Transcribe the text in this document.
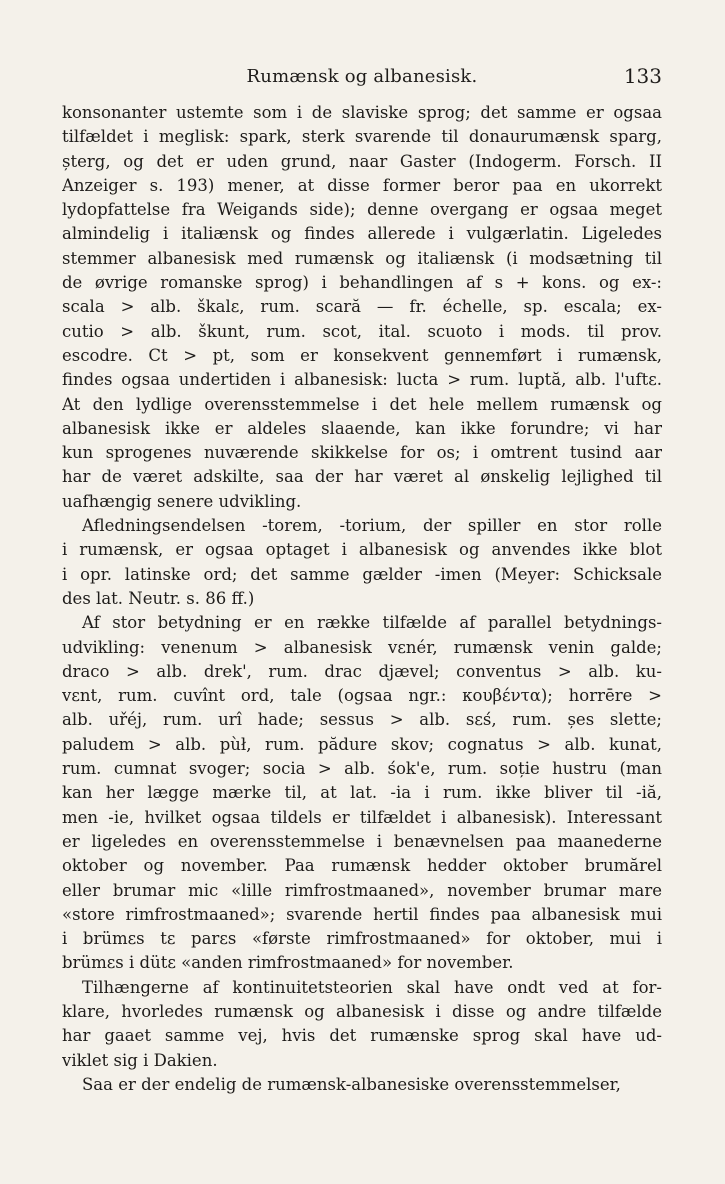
Rumænsk og albanesisk.	133
konsonanter ustemte som i de slaviske sprog; det samme er ogsaa
tilfældet i meglisk: spark, sterk svarende til donaurumænsk sparg,
șterg, og det er uden grund, naar Gaster (Indogerm. Forsch. II
Anzeiger s. 193) mener, at disse former beror paa en ukorrekt
lydopfattelse fra Weigands side); denne overgang er ogsaa meget
almindelig i italiænsk og findes allerede i vulgærlatin. Ligeledes
stemmer albanesisk med rumænsk og italiænsk (i modsætning til
de øvrige romanske sprog) i behandlingen af s + kons. og ex-:
scala > alb. škalε, rum. scară — fr. échelle, sp. escala; ex-
cutio > alb. škunt, rum. scot, ital. scuoto i mods. til prov.
escodre. Ct > pt, som er konsekvent gennemført i rumænsk,
findes ogsaa undertiden i albanesisk: lucta > rum. luptă, alb. l'uftε.
At den lydlige overensstemmelse i det hele mellem rumænsk og
albanesisk ikke er aldeles slaaende, kan ikke forundre; vi har
kun sprogenes nuværende skikkelse for os; i omtrent tusind aar
har de været adskilte, saa der har været al ønskelig lejlighed til
uafhængig senere udvikling.
Afledningsendelsen -torem, -torium, der spiller en stor rolle
i rumænsk, er ogsaa optaget i albanesisk og anvendes ikke blot
i opr. latinske ord; det samme gælder -imen (Meyer: Schicksale
des lat. Neutr. s. 86 ff.)
Af stor betydning er en række tilfælde af parallel betydnings-
udvikling: venenum > albanesisk vεnér, rumænsk venin galde;
draco > alb. drek', rum. drac djævel; conventus > alb. ku-
vεnt, rum. cuvînt ord, tale (ogsaa ngr.: κουβέντα); horrēre >
alb. uřéj, rum. urî hade; sessus > alb. sεś, rum. șes slette;
paludem > alb. pùł, rum. pădure skov; cognatus > alb. kunat,
rum. cumnat svoger; socia > alb. śok'e, rum. soție hustru (man
kan her lægge mærke til, at lat. -ia i rum. ikke bliver til -iă,
men -ie, hvilket ogsaa tildels er tilfældet i albanesisk). Interessant
er ligeledes en overensstemmelse i benævnelsen paa maanederne
oktober og november. Paa rumænsk hedder oktober brumărel
eller brumar mic «lille rimfrostmaaned», november brumar mare
«store rimfrostmaaned»; svarende hertil findes paa albanesisk mui
i brümεs tε parεs «første rimfrostmaaned» for oktober, mui i
brümεs i dütε «anden rimfrostmaaned» for november.
Tilhængerne af kontinuitetsteorien skal have ondt ved at for-
klare, hvorledes rumænsk og albanesisk i disse og andre tilfælde
har gaaet samme vej, hvis det rumænske sprog skal have ud-
viklet sig i Dakien.
Saa er der endelig de rumænsk-albanesiske overensstemmelser,
